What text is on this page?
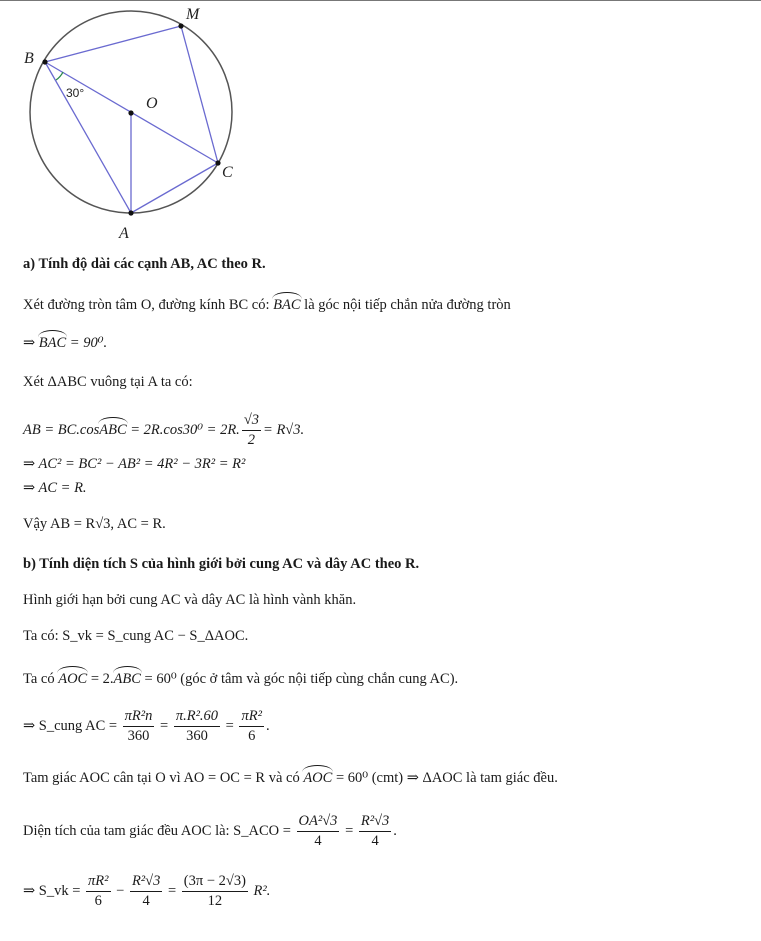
B
M
O
C
A
30°
a) Tính độ dài các cạnh AB, AC theo R.
Xét đường tròn tâm O, đường kính BC có: BAC là góc nội tiếp chắn nửa đường tròn
⇒ BAC = 90⁰.
Xét ΔABC vuông tại A ta có:
AB = BC.cosABC = 2R.cos30⁰ = 2R. $\frac{√3}{2} = R√3$.
⇒ AC² = BC² − AB² = 4R² − 3R² = R²
⇒ AC = R.
Vậy AB = R√3, AC = R.
b) Tính diện tích S của hình giới bởi cung AC và dây AC theo R.
Hình giới hạn bởi cung AC và dây AC là hình vành khăn.
Ta có: S_vk = S_cung AC − S_ΔAOC.
Ta có AOC = 2.ABC = 60⁰ (góc ở tâm và góc nội tiếp cùng chắn cung AC).
⇒ S_cung AC = $\frac{\text{πR²n}}{360} = \frac{\text{π.R².60}}{360} = \frac{\text{πR²}}{6}$ .
Tam giác AOC cân tại O vì AO = OC = R và có AOC = 60⁰ (cmt) ⇒ ΔAOC là tam giác đều.
Diện tích của tam giác đều AOC là: S_ACO = $\frac{\text{OA²√3}}{4} = \frac{\text{R²√3}}{4}$ .
⇒ S_vk = $\frac{\text{πR²}}{6} - \frac{\text{R²√3}}{4} = \frac{(3\pi - 2√3)}{12} R^2$.
